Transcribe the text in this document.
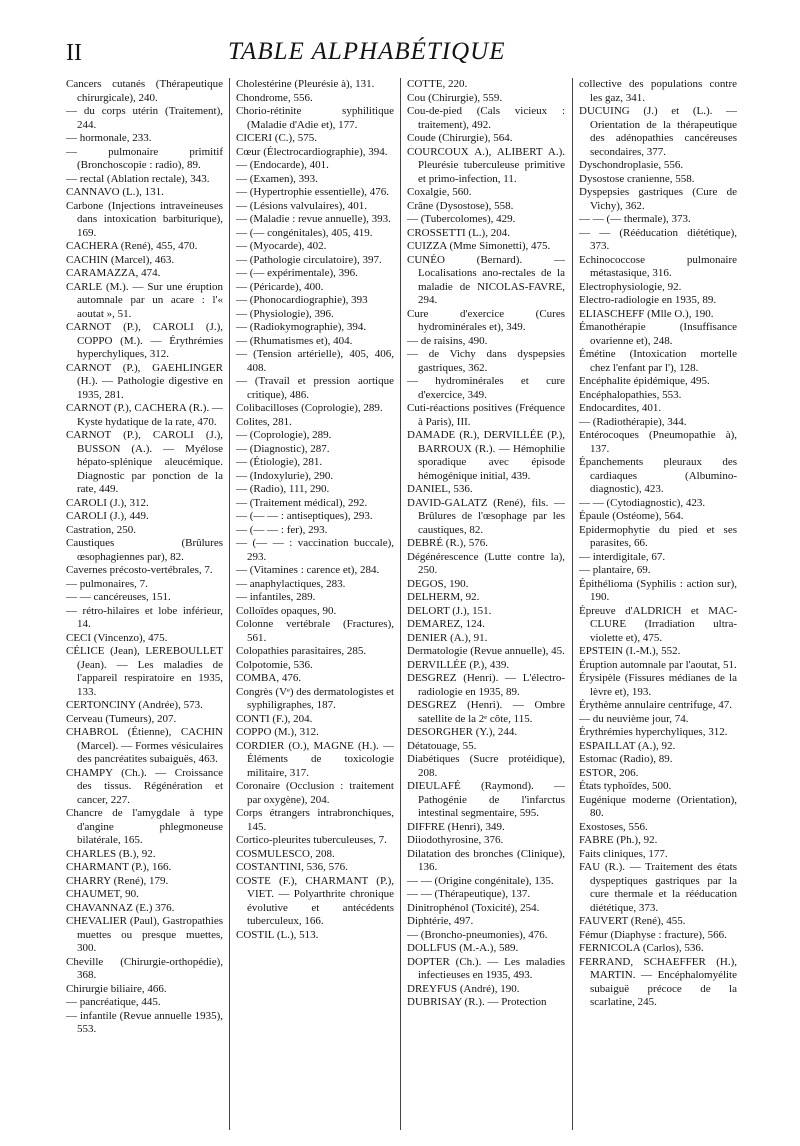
II	TABLE ALPHABÉTIQUE

Cancers cutanés (Thérapeutique chirurgicale), 240.

— du corps utérin (Traitement), 244.

— hormonale, 233.

— pulmonaire primitif (Bronchoscopie : radio), 89.

— rectal (Ablation rectale), 343.

CANNAVO (L.), 131.

Carbone (Injections intraveineuses dans intoxication barbiturique), 169.

CACHERA (René), 455, 470.

CACHIN (Marcel), 463.

CARAMAZZA, 474.

CARLE (M.). — Sur une éruption automnale par un acare : l'« aoutat », 51.

CARNOT (P.), CAROLI (J.), COPPO (M.). — Érythrémies hyperchyliques, 312.

CARNOT (P.), GAEHLINGER (H.). — Pathologie digestive en 1935, 281.

CARNOT (P.), CACHERA (R.). — Kyste hydatique de la rate, 470.

CARNOT (P.), CAROLI (J.), BUSSON (A.). — Myélose hépato-splénique aleucémique. Diagnostic par ponction de la rate, 449.

CAROLI (J.), 312.

CAROLI (J.), 449.

Castration, 250.

Caustiques (Brûlures œsophagiennes par), 82.

Cavernes précosto-vertébrales, 7.

— pulmonaires, 7.

— — cancéreuses, 151.

— rétro-hilaires et lobe inférieur, 14.

CECI (Vincenzo), 475.

CÉLICE (Jean), LEREBOULLET (Jean). — Les maladies de l'appareil respiratoire en 1935, 133.

CERTONCINY (Andrée), 573.

Cerveau (Tumeurs), 207.

CHABROL (Étienne), CACHIN (Marcel). — Formes vésiculaires des pancréatites subaiguës, 463.

CHAMPY (Ch.). — Croissance des tissus. Régénération et cancer, 227.

Chancre de l'amygdale à type d'angine phlegmoneuse bilatérale, 165.

CHARLES (B.), 92.

CHARMANT (P.), 166.

CHARRY (René), 179.

CHAUMET, 90.

CHAVANNAZ (E.) 376.

CHEVALIER (Paul), Gastropathies muettes ou presque muettes, 300.

Cheville (Chirurgie-orthopédie), 368.

Chirurgie biliaire, 466.

— pancréatique, 445.

— infantile (Revue annuelle 1935), 553.

Cholestérine (Pleurésie à), 131.

Chondrome, 556.

Chorio-rétinite syphilitique (Maladie d'Adie et), 177.

CICERI (C.), 575.

Cœur (Électrocardiographie), 394.

— (Endocarde), 401.

— (Examen), 393.

— (Hypertrophie essentielle), 476.

— (Lésions valvulaires), 401.

— (Maladie : revue annuelle), 393.

— (— congénitales), 405, 419.

— (Myocarde), 402.

— (Pathologie circulatoire), 397.

— (— expérimentale), 396.

— (Péricarde), 400.

— (Phonocardiographie), 393

— (Physiologie), 396.

— (Radiokymographie), 394.

— (Rhumatismes et), 404.

— (Tension artérielle), 405, 406, 408.

— (Travail et pression aortique critique), 486.

Colibacilloses (Coprologie), 289.

Colites, 281.

— (Coprologie), 289.

— (Diagnostic), 287.

— (Étiologie), 281.

— (Indoxylurie), 290.

— (Radio), 111, 290.

— (Traitement médical), 292.

— (— — : antiseptiques), 293.

— (— — : fer), 293.

— (— — : vaccination buccale), 293.

— (Vitamines : carence et), 284.

— anaphylactiques, 283.

— infantiles, 289.

Colloïdes opaques, 90.

Colonne vertébrale (Fractures), 561.

Colopathies parasitaires, 285.

Colpotomie, 536.

COMBA, 476.

Congrès (Vᵉ) des dermatologistes et syphiligraphes, 187.

CONTI (F.), 204.

COPPO (M.), 312.

CORDIER (O.), MAGNE (H.). — Éléments de toxicologie militaire, 317.

Coronaire (Occlusion : traitement par oxygène), 204.

Corps étrangers intrabronchiques, 145.

Cortico-pleurites tuberculeuses, 7.

COSMULESCO, 208.

COSTANTINI, 536, 576.

COSTE (F.), CHARMANT (P.), VIET. — Polyarthrite chronique évolutive et antécédents tuberculeux, 166.

COSTIL (L.), 513.

COTTE, 220.

Cou (Chirurgie), 559.

Cou-de-pied (Cals vicieux : traitement), 492.

Coude (Chirurgie), 564.

COURCOUX A.), ALIBERT A.). Pleurésie tuberculeuse primitive et primo-infection, 11.

Coxalgie, 560.

Crâne (Dysostose), 558.

— (Tubercolomes), 429.

CROSSETTI (L.), 204.

CUIZZA (Mme Simonetti), 475.

CUNÉO (Bernard). — Localisations ano-rectales de la maladie de NICOLAS-FAVRE, 294.

Cure d'exercice (Cures hydrominérales et), 349.

— de raisins, 490.

— de Vichy dans dyspepsies gastriques, 362.

— hydrominérales et cure d'exercice, 349.

Cuti-réactions positives (Fréquence à Paris), III.

DAMADE (R.), DERVILLÉE (P.), BARROUX (R.). — Hémophilie sporadique avec épisode hémogénique initial, 439.

DANIEL, 536.

DAVID-GALATZ (René), fils. — Brûlures de l'œsophage par les caustiques, 82.

DEBRÉ (R.), 576.

Dégénérescence (Lutte contre la), 250.

DEGOS, 190.

DELHERM, 92.

DELORT (J.), 151.

DEMAREZ, 124.

DENIER (A.), 91.

Dermatologie (Revue annuelle), 45.

DERVILLÉE (P.), 439.

DESGREZ (Henri). — L'électro-radiologie en 1935, 89.

DESGREZ (Henri). — Ombre satellite de la 2ᵉ côte, 115.

DESORGHER (Y.), 244.

Détatouage, 55.

Diabétiques (Sucre protéidique), 208.

DIEULAFÉ (Raymond). — Pathogénie de l'infarctus intestinal segmentaire, 595.

DIFFRE (Henri), 349.

Diiodothyrosine, 376.

Dilatation des bronches (Clinique), 136.

— — (Origine congénitale), 135.

— — (Thérapeutique), 137.

Dinitrophénol (Toxicité), 254.

Diphtérie, 497.

— (Broncho-pneumonies), 476.

DOLLFUS (M.-A.), 589.

DOPTER (Ch.). — Les maladies infectieuses en 1935, 493.

DREYFUS (André), 190.

DUBRISAY (R.). — Protection

collective des populations contre les gaz, 341.

DUCUING (J.) et (L.). — Orientation de la thérapeutique des adénopathies cancéreuses secondaires, 377.

Dyschondroplasie, 556.

Dysostose cranienne, 558.

Dyspepsies gastriques (Cure de Vichy), 362.

— — (— thermale), 373.

— — (Rééducation diététique), 373.

Echinococcose pulmonaire métastasique, 316.

Electrophysiologie, 92.

Electro-radiologie en 1935, 89.

ELIASCHEFF (Mlle O.), 190.

Émanothérapie (Insuffisance ovarienne et), 248.

Émétine (Intoxication mortelle chez l'enfant par l'), 128.

Encéphalite épidémique, 495.

Encéphalopathies, 553.

Endocardites, 401.

— (Radiothérapie), 344.

Entérocoques (Pneumopathie à), 137.

Épanchements pleuraux des cardiaques (Albumino-diagnostic), 423.

— — (Cytodiagnostic), 423.

Épaule (Ostéome), 564.

Epidermophytie du pied et ses parasites, 66.

— interdigitale, 67.

— plantaire, 69.

Épithélioma (Syphilis : action sur), 190.

Épreuve d'ALDRICH et MAC-CLURE (Irradiation ultra-violette et), 475.

EPSTEIN (I.-M.), 552.

Éruption automnale par l'aoutat, 51.

Érysipèle (Fissures médianes de la lèvre et), 193.

Érythème annulaire centrifuge, 47.

— du neuvième jour, 74.

Érythrémies hyperchyliques, 312.

ESPAILLAT (A.), 92.

Estomac (Radio), 89.

ESTOR, 206.

États typhoïdes, 500.

Eugénique moderne (Orientation), 80.

Exostoses, 556.

FABRE (Ph.), 92.

Faits cliniques, 177.

FAU (R.). — Traitement des états dyspeptiques gastriques par la cure thermale et la rééducation diététique, 373.

FAUVERT (René), 455.

Fémur (Diaphyse : fracture), 566.

FERNICOLA (Carlos), 536.

FERRAND, SCHAEFFER (H.), MARTIN. — Encéphalomyélite subaiguë précoce de la scarlatine, 245.
